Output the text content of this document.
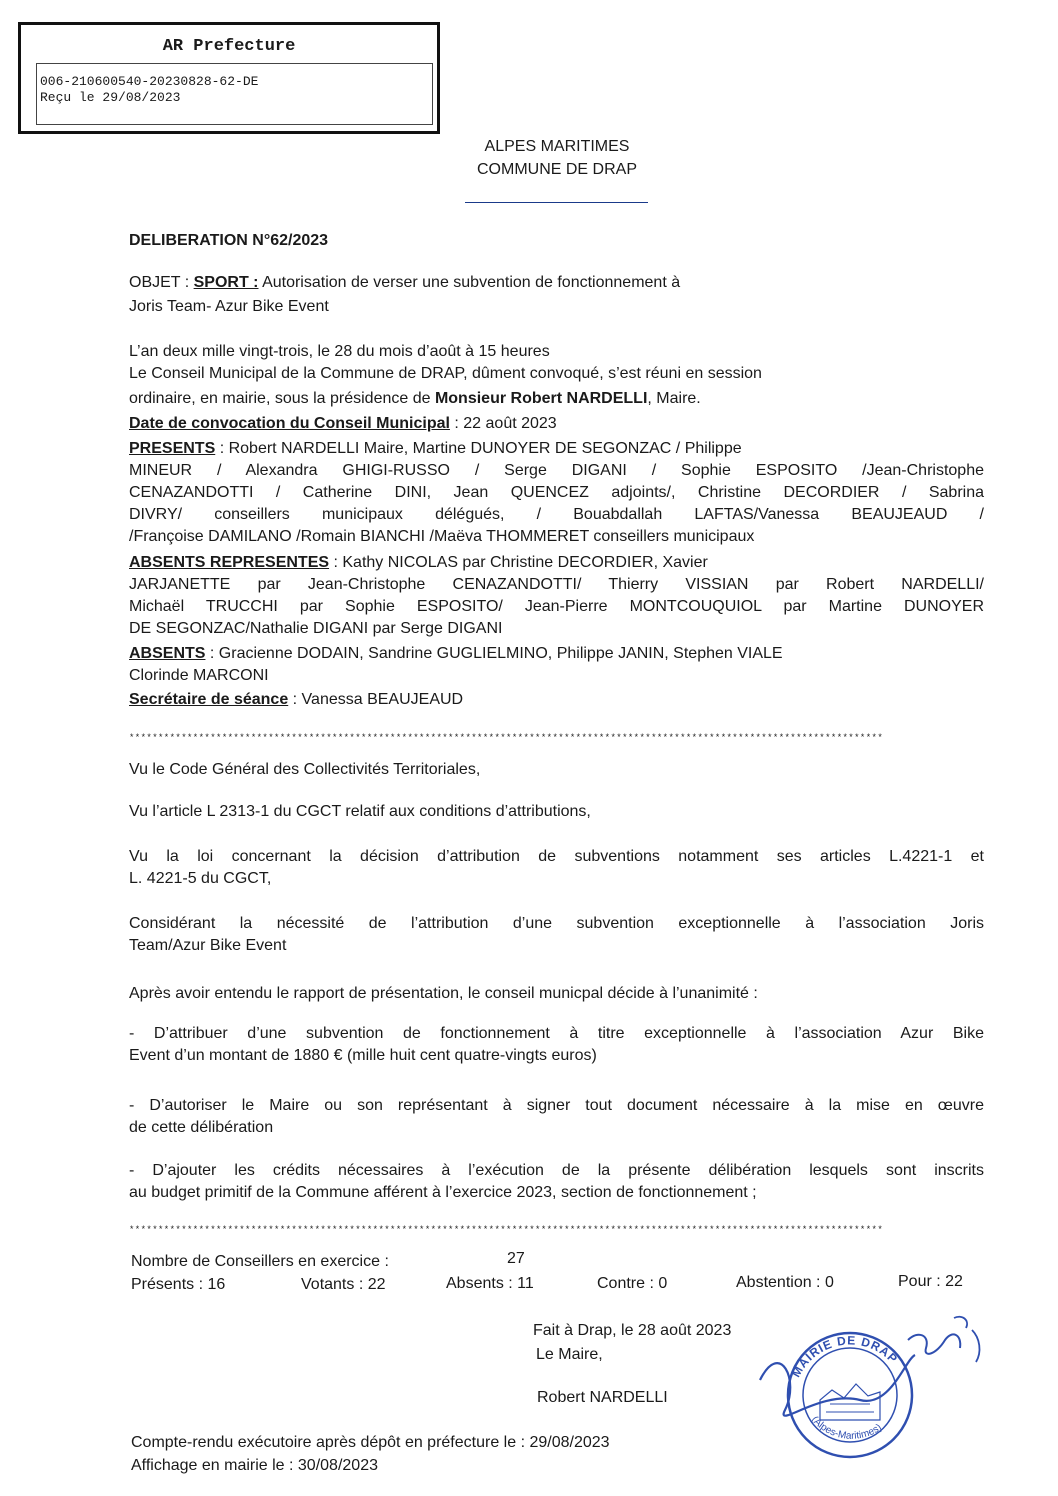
AR Prefecture
006-210600540-20230828-62-DE
Reçu le 29/08/2023
ALPES MARITIMES
COMMUNE DE DRAP
DELIBERATION N°62/2023
OBJET : SPORT : Autorisation de verser une subvention de fonctionnement à
Joris Team- Azur Bike Event
L’an deux mille vingt-trois, le 28 du mois d’août à 15 heures
Le Conseil Municipal de la Commune de DRAP, dûment convoqué, s’est réuni en session
ordinaire, en mairie, sous la présidence de Monsieur Robert NARDELLI, Maire.
Date de convocation du Conseil Municipal : 22 août 2023
PRESENTS : Robert NARDELLI Maire, Martine DUNOYER DE SEGONZAC / Philippe
MINEUR / Alexandra GHIGI-RUSSO / Serge DIGANI / Sophie ESPOSITO /Jean-Christophe
CENAZANDOTTI / Catherine DINI, Jean QUENCEZ adjoints/, Christine DECORDIER / Sabrina
DIVRY/ conseillers municipaux délégués, / Bouabdallah LAFTAS/Vanessa BEAUJEAUD /
/Françoise DAMILANO /Romain BIANCHI /Maëva THOMMERET conseillers municipaux
ABSENTS REPRESENTES : Kathy NICOLAS par Christine DECORDIER, Xavier
JARJANETTE par Jean-Christophe CENAZANDOTTI/ Thierry VISSIAN par Robert NARDELLI/
Michaël TRUCCHI par Sophie ESPOSITO/ Jean-Pierre MONTCOUQUIOL par Martine DUNOYER
DE SEGONZAC/Nathalie DIGANI par Serge DIGANI
ABSENTS : Gracienne DODAIN, Sandrine GUGLIELMINO, Philippe JANIN, Stephen VIALE
Clorinde MARCONI
Secrétaire de séance : Vanessa BEAUJEAUD
**********************************************************************************************************************************
Vu le Code Général des Collectivités Territoriales,
Vu l’article L 2313-1 du CGCT relatif aux conditions d’attributions,
Vu la loi concernant la décision d’attribution de subventions notamment ses articles L.4221-1 et
L. 4221-5 du CGCT,
Considérant la nécessité de l’attribution d’une subvention exceptionnelle à l’association Joris
Team/Azur Bike Event
Après avoir entendu le rapport de présentation, le conseil municpal décide à l’unanimité :
- D’attribuer d’une subvention de fonctionnement à titre exceptionnelle à l’association Azur Bike
Event d’un montant de 1880 € (mille huit cent quatre-vingts euros)
- D’autoriser le Maire ou son représentant à signer tout document nécessaire à la mise en œuvre
de cette délibération
- D’ajouter les crédits nécessaires à l’exécution de la présente délibération lesquels sont inscrits
au budget primitif de la Commune afférent à l’exercice 2023, section de fonctionnement ;
**********************************************************************************************************************************
Nombre de Conseillers en exercice :	27
Présents : 16	Votants : 22	Absents : 11	Contre : 0	Abstention : 0	Pour : 22
Fait à Drap, le 28 août 2023
Le Maire,
Robert NARDELLI
MAIRIE DE DRAP
(Alpes-Maritimes)
Compte-rendu exécutoire après dépôt en préfecture le : 29/08/2023
Affichage en mairie le : 30/08/2023
